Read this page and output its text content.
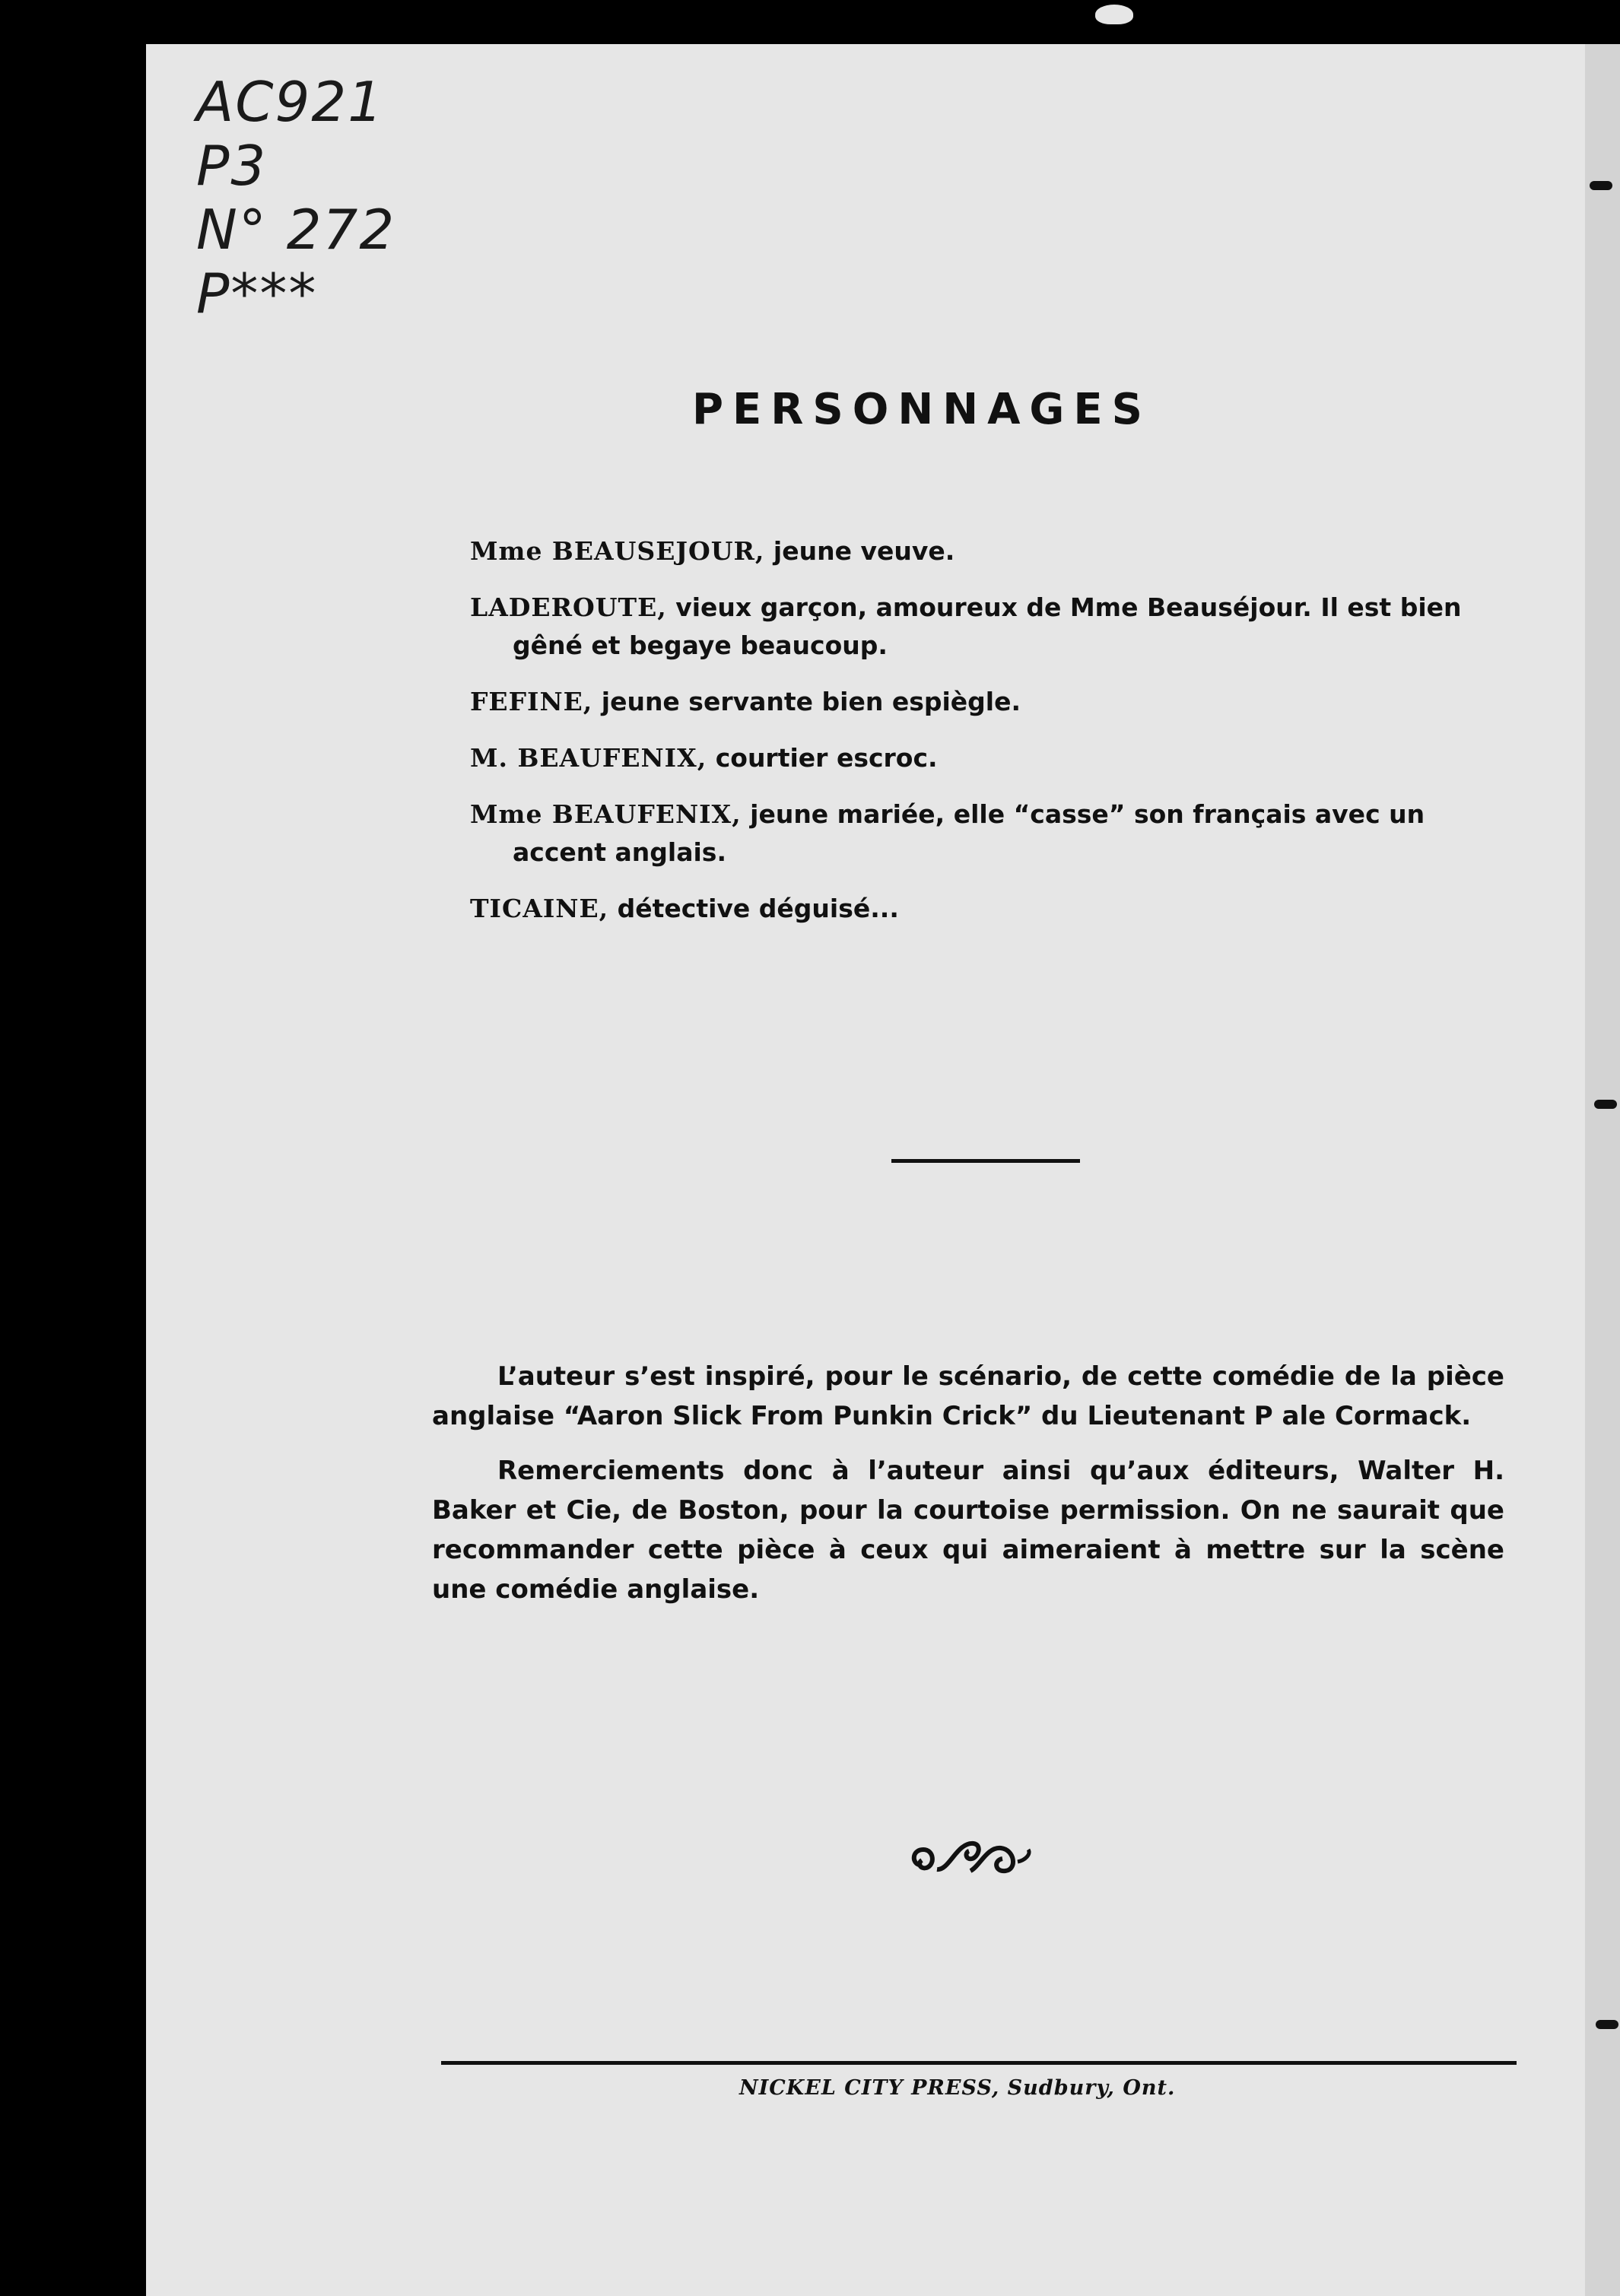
AC921
P3
N° 272
P***
PERSONNAGES
Mme BEAUSEJOUR, jeune veuve.
LADEROUTE, vieux garçon, amoureux de Mme Beauséjour. Il est bien gêné et begaye beaucoup.
FEFINE, jeune servante bien espiègle.
M. BEAUFENIX, courtier escroc.
Mme BEAUFENIX, jeune mariée, elle “casse” son français avec un accent anglais.
TICAINE, détective déguisé...

L’auteur s’est inspiré, pour le scénario, de cette comédie de la pièce anglaise “Aaron Slick From Punkin Crick” du Lieutenant P ale Cormack.

Remerciements donc à l’auteur ainsi qu’aux éditeurs, Walter H. Baker et Cie, de Boston, pour la courtoise permission. On ne saurait que recommander cette pièce à ceux qui aimeraient à mettre sur la scène une comédie anglaise.

NICKEL CITY PRESS, Sudbury, Ont.
